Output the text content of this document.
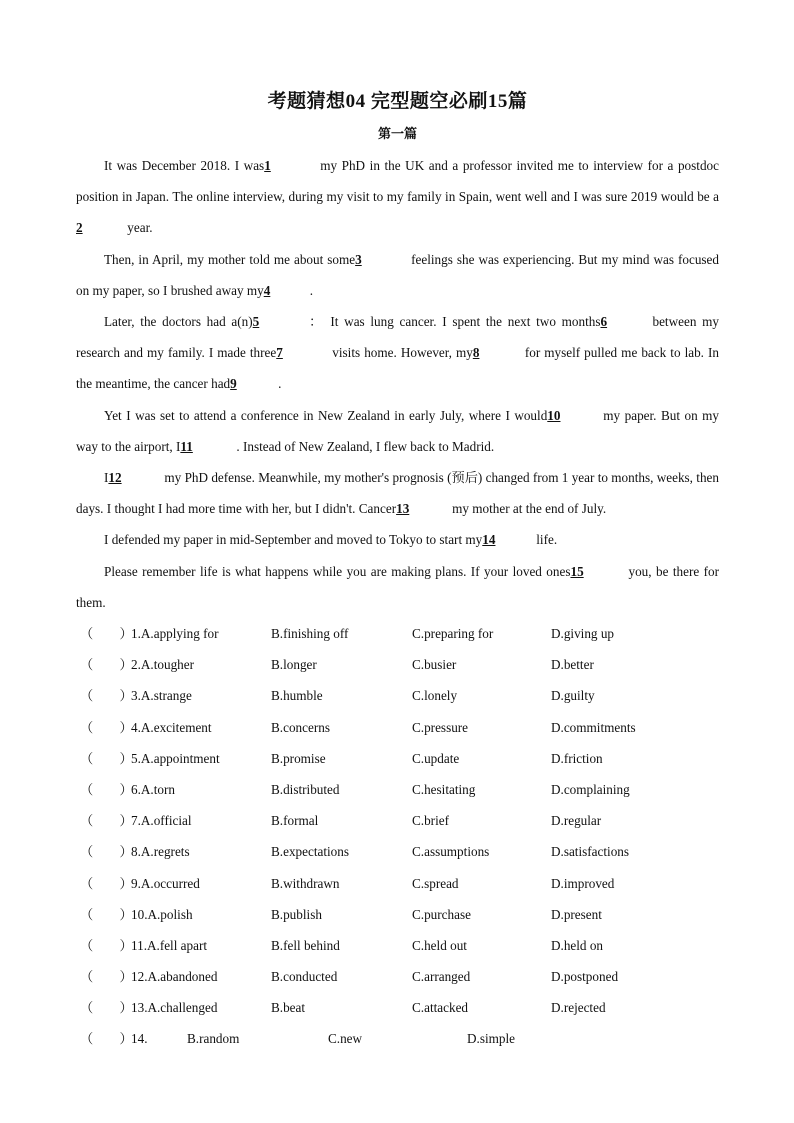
考题猜想04 完型题空必刷15篇
第一篇

It was December 2018. I was1	my PhD in the UK and a professor invited me to interview for a postdoc position in Japan. The online interview, during my visit to my family in Spain, went well and I was sure 2019 would be a2	year.

Then, in April, my mother told me about some3	feelings she was experiencing. But my mind was focused on my paper, so I brushed away my4	.

Later, the doctors had a(n)5	： It was lung cancer. I spent the next two months6	between my research and my family. I made three7	visits home. However, my8	for myself pulled me back to lab. In the meantime, the cancer had9	.

Yet I was set to attend a conference in New Zealand in early July, where I would10	my paper. But on my way to the airport, I11	. Instead of New Zealand, I flew back to Madrid.

I12	my PhD defense. Meanwhile, my mother's prognosis (预后) changed from 1 year to months, weeks, then days. I thought I had more time with her, but I didn't. Cancer13	my mother at the end of July.

I defended my paper in mid-September and moved to Tokyo to start my14	life.

Please remember life is what happens while you are making plans. If your loved ones15	you, be there for them.

（　　）
1.A.applying for	B.finishing off	C.preparing for	D.giving up
（　　）
2.A.tougher	B.longer	C.busier	D.better
（　　）
3.A.strange	B.humble	C.lonely	D.guilty
（　　）
4.A.excitement	B.concerns	C.pressure	D.commitments
（　　）
5.A.appointment	B.promise	C.update	D.friction
（　　）
6.A.torn	B.distributed	C.hesitating	D.complaining
（　　）
7.A.official	B.formal	C.brief	D.regular
（　　）
8.A.regrets	B.expectations	C.assumptions	D.satisfactions
（　　）
9.A.occurred	B.withdrawn	C.spread	D.improved
（　　）
10.A.polish	B.publish	C.purchase	D.present
（　　）
11.A.fell apart	B.fell behind	C.held out	D.held on
（　　）
12.A.abandoned	B.conducted	C.arranged	D.postponed
（　　）
13.A.challenged	B.beat	C.attacked	D.rejected
（　　）
14.	B.random	C.new	D.simple
